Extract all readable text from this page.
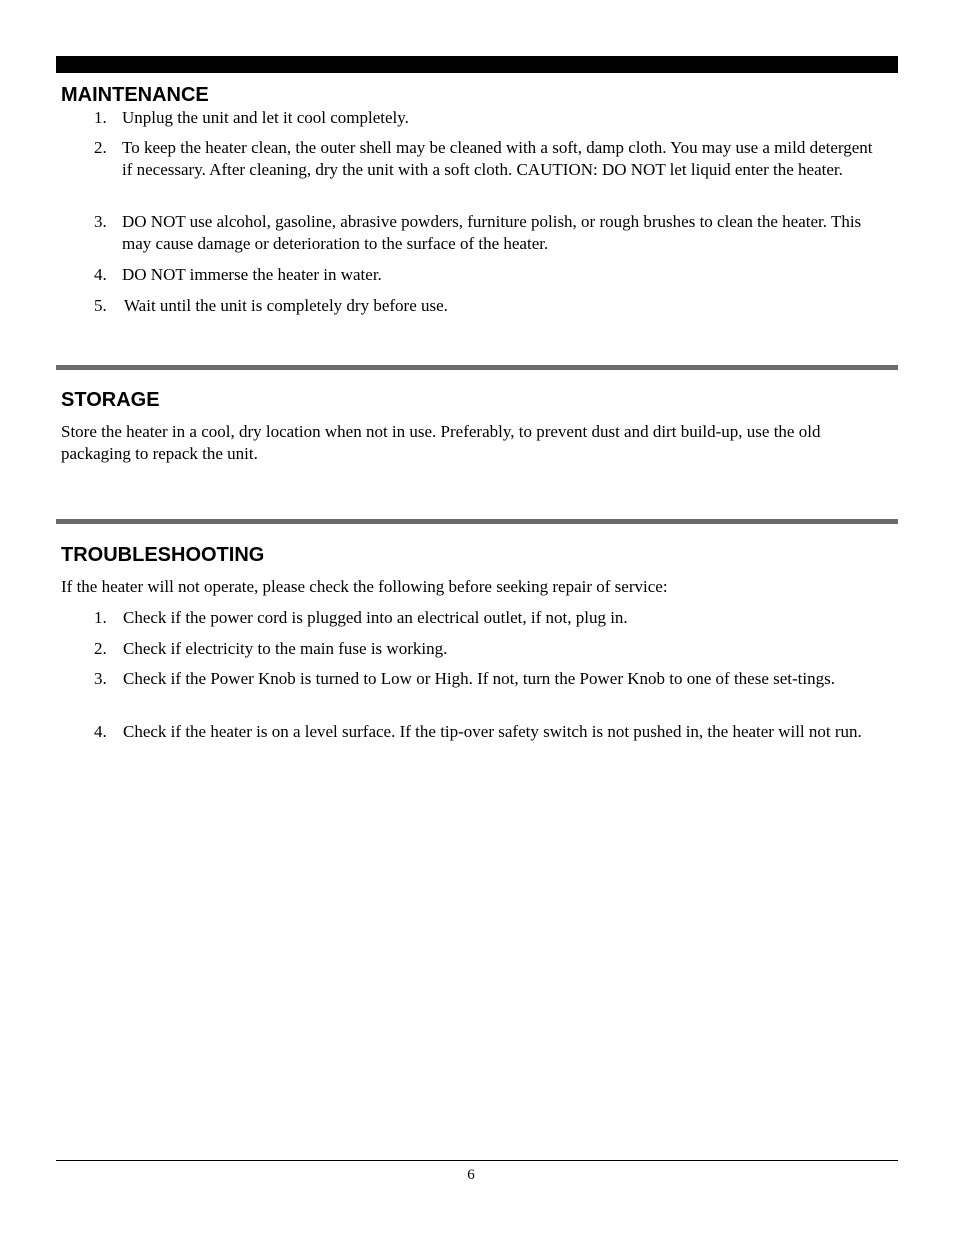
MAINTENANCE
1. Unplug the unit and let it cool completely.
2. To keep the heater clean, the outer shell may be cleaned with a soft, damp cloth. You may use a mild detergent if necessary. After cleaning, dry the unit with a soft cloth. CAUTION: DO NOT let liquid enter the heater.
3. DO NOT use alcohol, gasoline, abrasive powders, furniture polish, or rough brushes to clean the heater. This may cause damage or deterioration to the surface of the heater.
4. DO NOT immerse the heater in water.
5. Wait until the unit is completely dry before use.
STORAGE

Store the heater in a cool, dry location when not in use. Preferably, to prevent dust and dirt build-up, use the old packaging to repack the unit.

TROUBLESHOOTING

If the heater will not operate, please check the following before seeking repair of service:

1. Check if the power cord is plugged into an electrical outlet, if not, plug in.
2. Check if electricity to the main fuse is working.
3. Check if the Power Knob is turned to Low or High. If not, turn the Power Knob to one of these set-tings.
4. Check if the heater is on a level surface. If the tip-over safety switch is not pushed in, the heater will not run.
6
